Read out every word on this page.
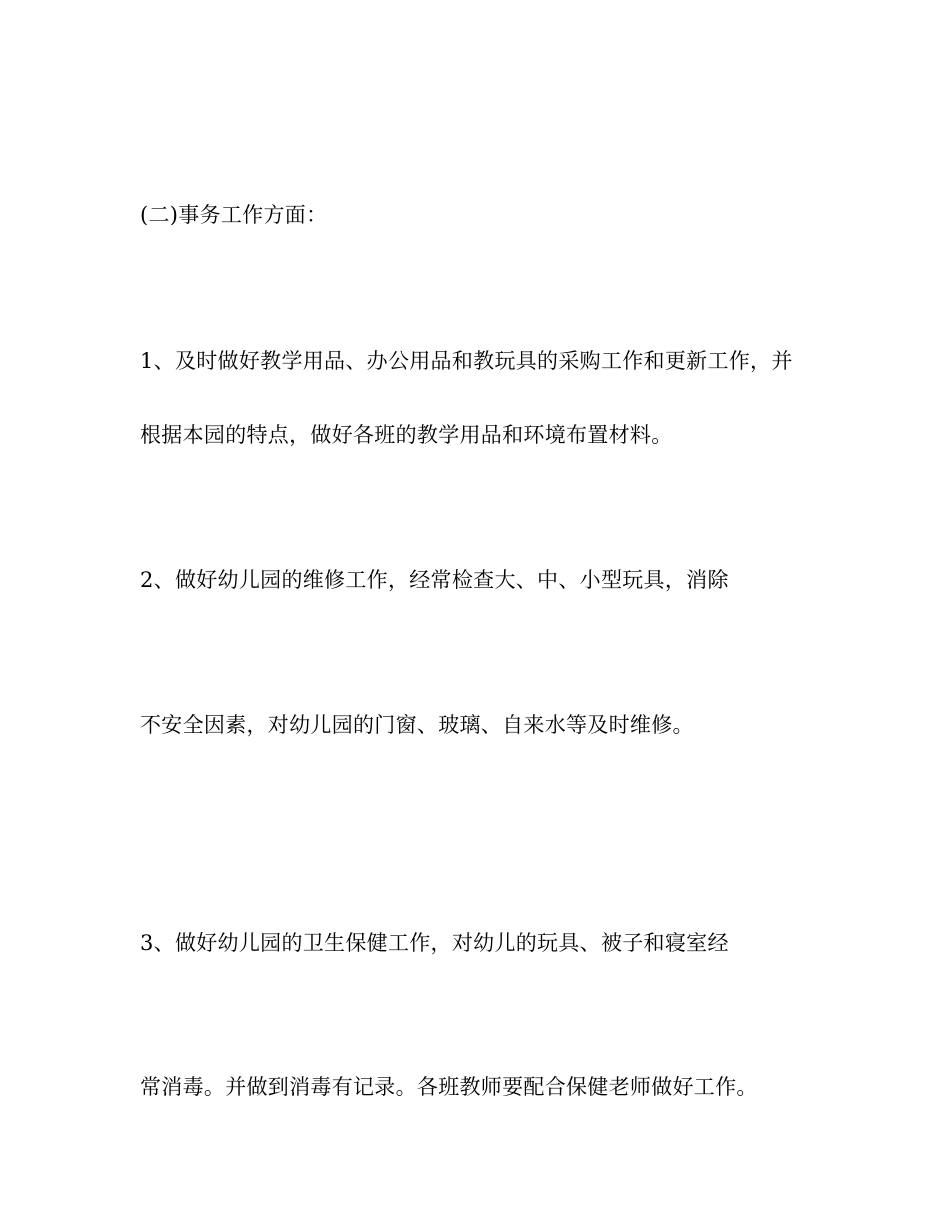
(二)事务工作方面：

1、及时做好教学用品、办公用品和教玩具的采购工作和更新工作，并

根据本园的特点，做好各班的教学用品和环境布置材料。

2、做好幼儿园的维修工作，经常检查大、中、小型玩具，消除

不安全因素，对幼儿园的门窗、玻璃、自来水等及时维修。

3、做好幼儿园的卫生保健工作，对幼儿的玩具、被子和寝室经

常消毒。并做到消毒有记录。各班教师要配合保健老师做好工作。
